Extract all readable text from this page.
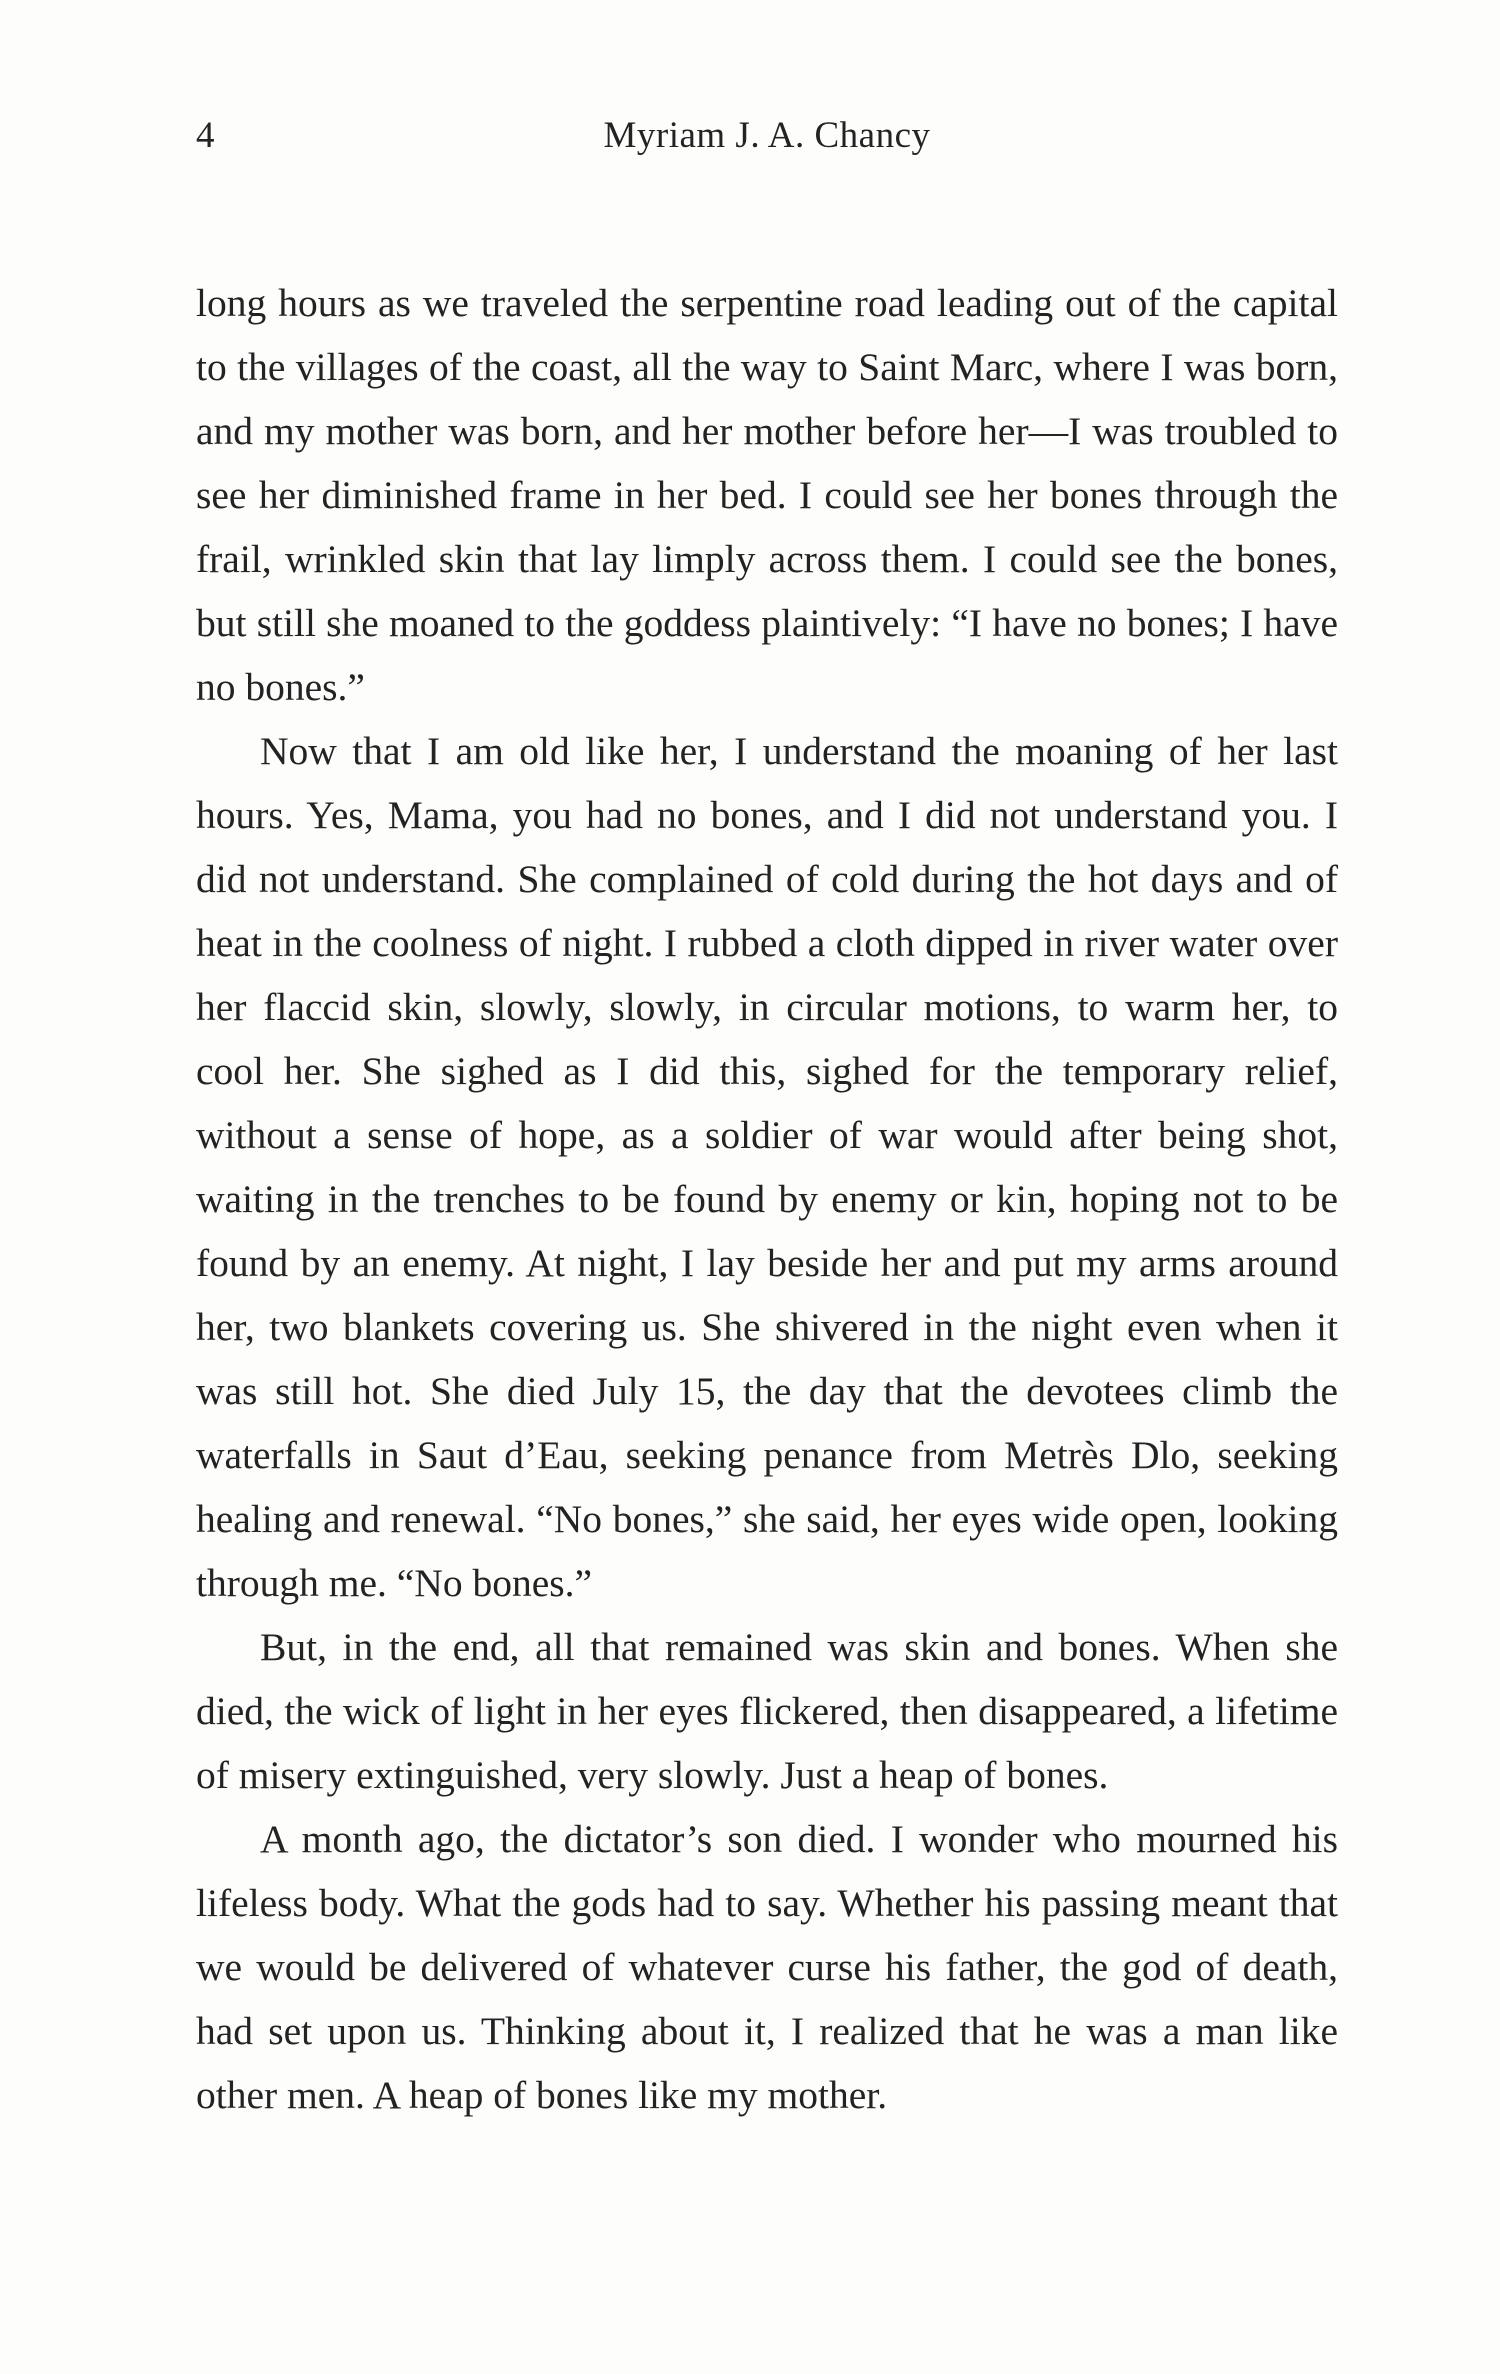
4	Myriam J. A. Chancy

long hours as we traveled the serpentine road leading out of the capital to the villages of the coast, all the way to Saint Marc, where I was born, and my mother was born, and her mother before her—I was troubled to see her diminished frame in her bed. I could see her bones through the frail, wrinkled skin that lay limply across them. I could see the bones, but still she moaned to the goddess plaintively: “I have no bones; I have no bones.”

Now that I am old like her, I understand the moaning of her last hours. Yes, Mama, you had no bones, and I did not understand you. I did not understand. She complained of cold during the hot days and of heat in the coolness of night. I rubbed a cloth dipped in river water over her flaccid skin, slowly, slowly, in circular motions, to warm her, to cool her. She sighed as I did this, sighed for the temporary relief, without a sense of hope, as a soldier of war would after being shot, waiting in the trenches to be found by enemy or kin, hoping not to be found by an enemy. At night, I lay beside her and put my arms around her, two blankets covering us. She shivered in the night even when it was still hot. She died July 15, the day that the devotees climb the waterfalls in Saut d’Eau, seeking penance from Metrès Dlo, seeking healing and renewal. “No bones,” she said, her eyes wide open, looking through me. “No bones.”

But, in the end, all that remained was skin and bones. When she died, the wick of light in her eyes flickered, then disappeared, a lifetime of misery extinguished, very slowly. Just a heap of bones.

A month ago, the dictator’s son died. I wonder who mourned his lifeless body. What the gods had to say. Whether his passing meant that we would be delivered of whatever curse his father, the god of death, had set upon us. Thinking about it, I realized that he was a man like other men. A heap of bones like my mother.
